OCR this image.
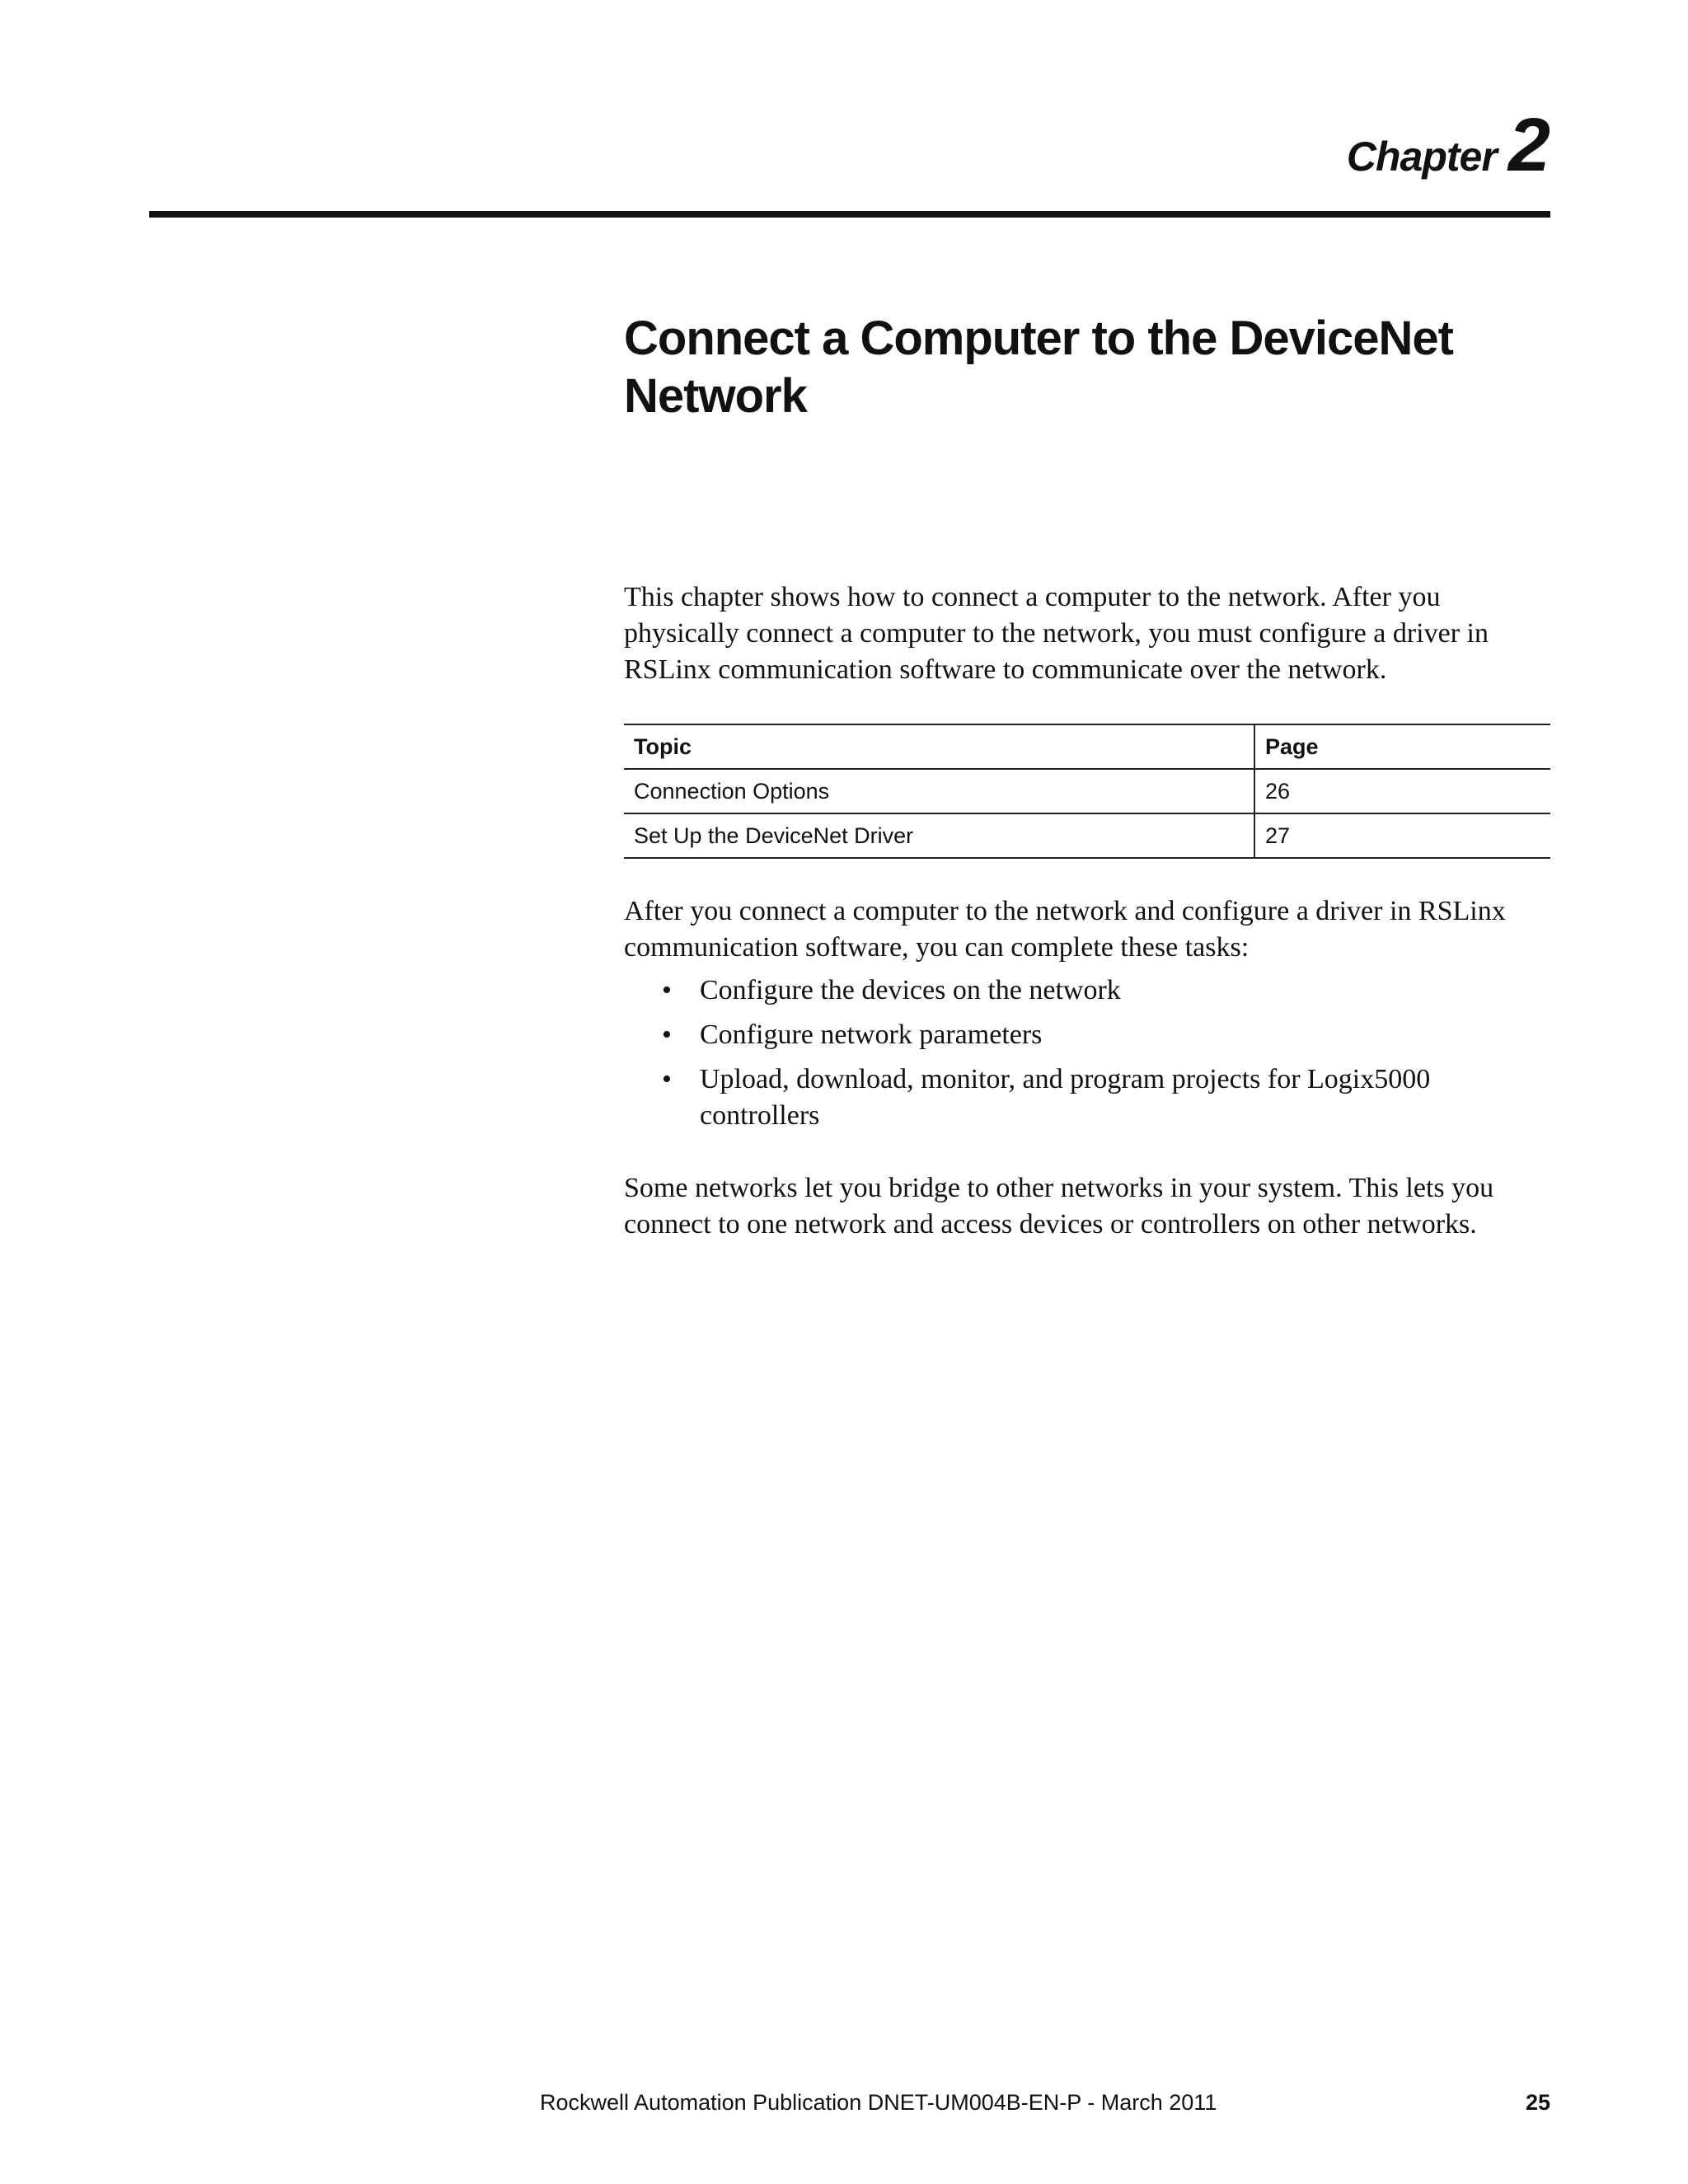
Chapter 2
Connect a Computer to the DeviceNet Network

This chapter shows how to connect a computer to the network. After you physically connect a computer to the network, you must configure a driver in RSLinx communication software to communicate over the network.

Topic	Page
Connection Options	26
Set Up the DeviceNet Driver	27

After you connect a computer to the network and configure a driver in RSLinx communication software, you can complete these tasks:

• Configure the devices on the network
• Configure network parameters
• Upload, download, monitor, and program projects for Logix5000 controllers

Some networks let you bridge to other networks in your system. This lets you connect to one network and access devices or controllers on other networks.

Rockwell Automation Publication DNET-UM004B-EN-P - March 2011	25
